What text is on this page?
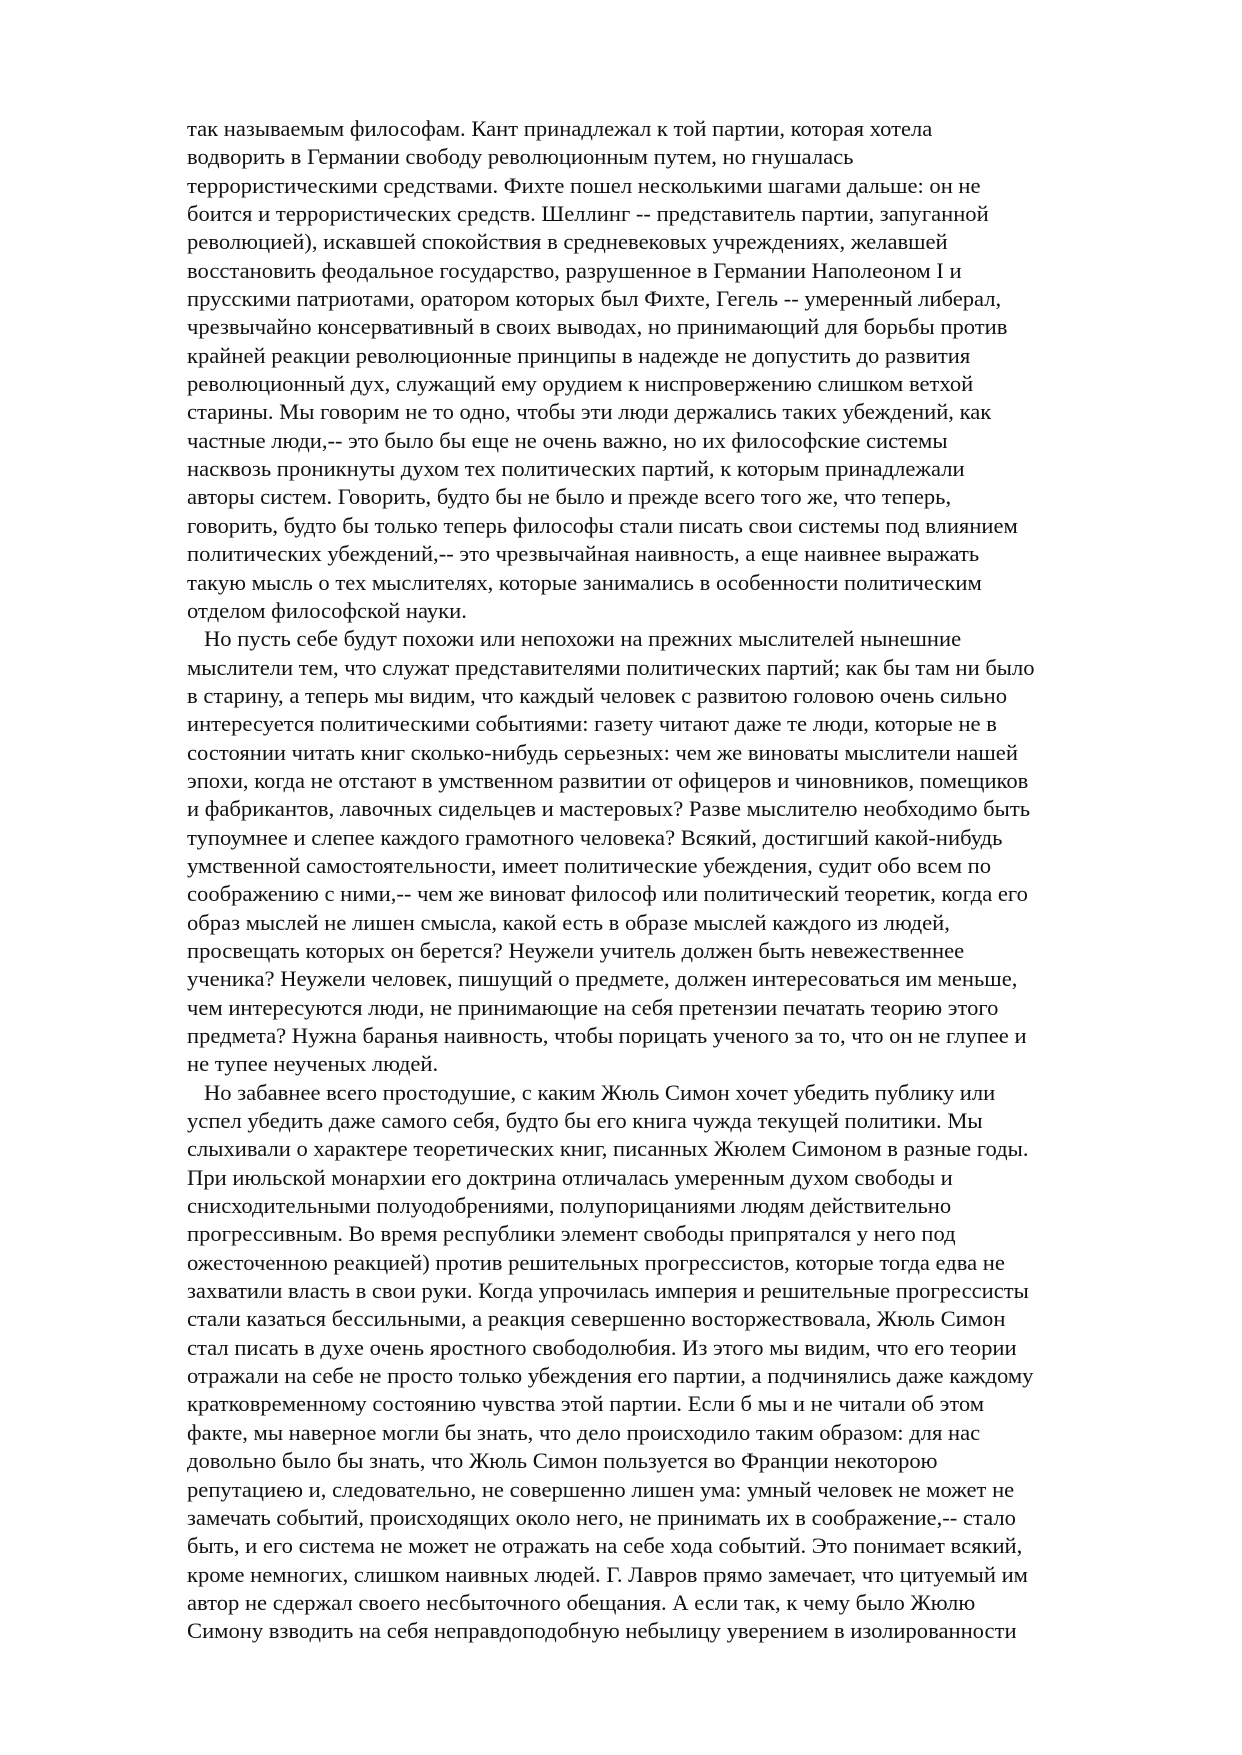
так называемым философам. Кант принадлежал к той партии, которая хотела
водворить в Германии свободу революционным путем, но гнушалась
террористическими средствами. Фихте пошел несколькими шагами дальше: он не
боится и террористических средств. Шеллинг -- представитель партии, запуганной
революцией), искавшей спокойствия в средневековых учреждениях, желавшей
восстановить феодальное государство, разрушенное в Германии Наполеоном I и
прусскими патриотами, оратором которых был Фихте, Гегель -- умеренный либерал,
чрезвычайно консервативный в своих выводах, но принимающий для борьбы против
крайней реакции революционные принципы в надежде не допустить до развития
революционный дух, служащий ему орудием к ниспровержению слишком ветхой
старины. Мы говорим не то одно, чтобы эти люди держались таких убеждений, как
частные люди,-- это было бы еще не очень важно, но их философские системы
насквозь проникнуты духом тех политических партий, к которым принадлежали
авторы систем. Говорить, будто бы не было и прежде всего того же, что теперь,
говорить, будто бы только теперь философы стали писать свои системы под влиянием
политических убеждений,-- это чрезвычайная наивность, а еще наивнее выражать
такую мысль о тех мыслителях, которые занимались в особенности политическим
отделом философской науки.
Но пусть себе будут похожи или непохожи на прежних мыслителей нынешние
мыслители тем, что служат представителями политических партий; как бы там ни было
в старину, а теперь мы видим, что каждый человек с развитою головою очень сильно
интересуется политическими событиями: газету читают даже те люди, которые не в
состоянии читать книг сколько-нибудь серьезных: чем же виноваты мыслители нашей
эпохи, когда не отстают в умственном развитии от офицеров и чиновников, помещиков
и фабрикантов, лавочных сидельцев и мастеровых? Разве мыслителю необходимо быть
тупоумнее и слепее каждого грамотного человека? Всякий, достигший какой-нибудь
умственной самостоятельности, имеет политические убеждения, судит обо всем по
соображению с ними,-- чем же виноват философ или политический теоретик, когда его
образ мыслей не лишен смысла, какой есть в образе мыслей каждого из людей,
просвещать которых он берется? Неужели учитель должен быть невежественнее
ученика? Неужели человек, пишущий о предмете, должен интересоваться им меньше,
чем интересуются люди, не принимающие на себя претензии печатать теорию этого
предмета? Нужна баранья наивность, чтобы порицать ученого за то, что он не глупее и
не тупее неученых людей.
Но забавнее всего простодушие, с каким Жюль Симон хочет убедить публику или
успел убедить даже самого себя, будто бы его книга чужда текущей политики. Мы
слыхивали о характере теоретических книг, писанных Жюлем Симоном в разные годы.
При июльской монархии его доктрина отличалась умеренным духом свободы и
снисходительными полуодобрениями, полупорицаниями людям действительно
прогрессивным. Во время республики элемент свободы припрятался у него под
ожесточенною реакцией) против решительных прогрессистов, которые тогда едва не
захватили власть в свои руки. Когда упрочилась империя и решительные прогрессисты
стали казаться бессильными, а реакция севершенно восторжествовала, Жюль Симон
стал писать в духе очень яростного свободолюбия. Из этого мы видим, что его теории
отражали на себе не просто только убеждения его партии, а подчинялись даже каждому
кратковременному состоянию чувства этой партии. Если б мы и не читали об этом
факте, мы наверное могли бы знать, что дело происходило таким образом: для нас
довольно было бы знать, что Жюль Симон пользуется во Франции некоторою
репутациею и, следовательно, не совершенно лишен ума: умный человек не может не
замечать событий, происходящих около него, не принимать их в соображение,-- стало
быть, и его система не может не отражать на себе хода событий. Это понимает всякий,
кроме немногих, слишком наивных людей. Г. Лавров прямо замечает, что цитуемый им
автор не сдержал своего несбыточного обещания. А если так, к чему было Жюлю
Симону взводить на себя неправдоподобную небылицу уверением в изолированности
